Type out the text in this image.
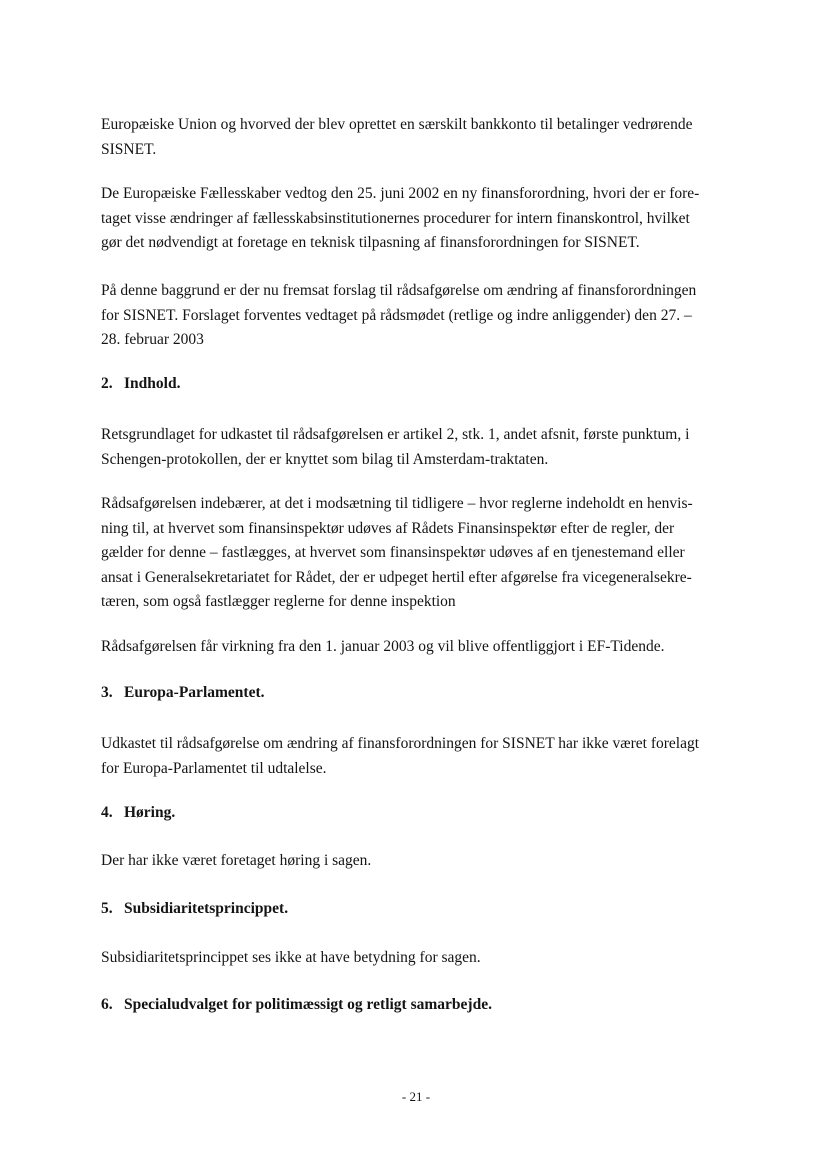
Europæiske Union og hvorved der blev oprettet en særskilt bankkonto til betalinger vedrørende
SISNET.

De Europæiske Fællesskaber vedtog den 25. juni 2002 en ny finansforordning, hvori der er fore-
taget visse ændringer af fællesskabsinstitutionernes procedurer for intern finanskontrol, hvilket
gør det nødvendigt at foretage en teknisk tilpasning af finansforordningen for SISNET.

På denne baggrund er der nu fremsat forslag til rådsafgørelse om ændring af finansforordningen
for SISNET. Forslaget forventes vedtaget på rådsmødet (retlige og indre anliggender) den 27. –
28. februar 2003

2. Indhold.

Retsgrundlaget for udkastet til rådsafgørelsen er artikel 2, stk. 1, andet afsnit, første punktum, i
Schengen-protokollen, der er knyttet som bilag til Amsterdam-traktaten.

Rådsafgørelsen indebærer, at det i modsætning til tidligere – hvor reglerne indeholdt en henvis-
ning til, at hvervet som finansinspektør udøves af Rådets Finansinspektør efter de regler, der
gælder for denne – fastlægges, at hvervet som finansinspektør udøves af en tjenestemand eller
ansat i Generalsekretariatet for Rådet, der er udpeget hertil efter afgørelse fra vicegeneralsekre-
tæren, som også fastlægger reglerne for denne inspektion

Rådsafgørelsen får virkning fra den 1. januar 2003 og vil blive offentliggjort i EF-Tidende.

3. Europa-Parlamentet.

Udkastet til rådsafgørelse om ændring af finansforordningen for SISNET har ikke været forelagt
for Europa-Parlamentet til udtalelse.

4. Høring.

Der har ikke været foretaget høring i sagen.

5. Subsidiaritetsprincippet.

Subsidiaritetsprincippet ses ikke at have betydning for sagen.

6. Specialudvalget for politimæssigt og retligt samarbejde.
- 21 -
